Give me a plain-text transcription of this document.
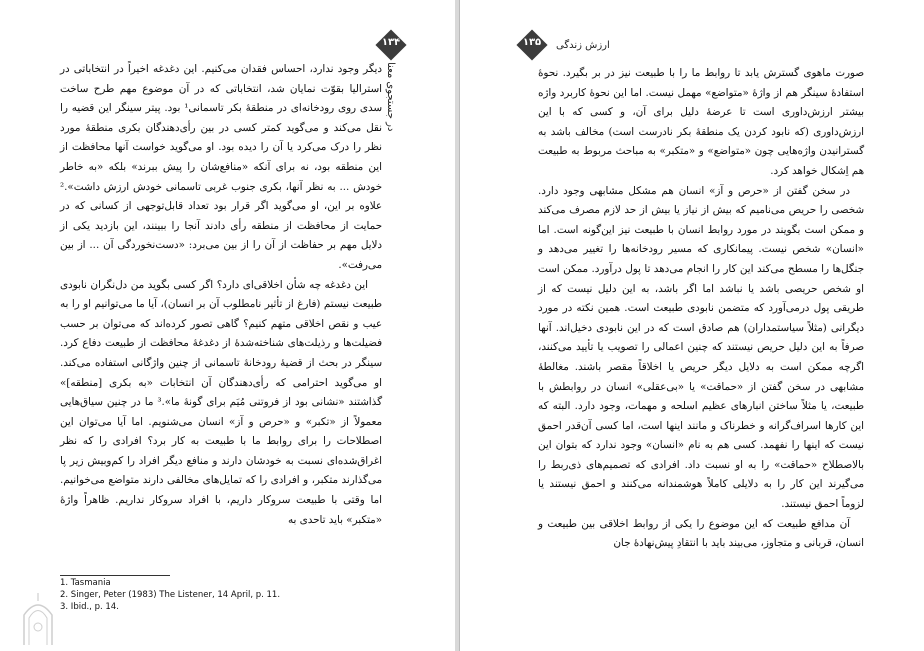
۱۳۴
در جستجوی معنا

دیگر وجود ندارد، احساس فقدان می‌کنیم. این دغدغه اخیراً در انتخاباتی در استرالیا بقوّت نمایان شد، انتخاباتی که در آن موضوع مهم طرح ساخت سدی روی رودخانه‌ای در منطقهٔ بکر تاسمانی¹ بود. پیتر سینگر این قضیه را نقل می‌کند و می‌گوید کمتر کسی در بین رأی‌دهندگان بکری منطقهٔ مورد نظر را درک می‌کرد یا آن را دیده بود. او می‌گوید خواست آنها محافظت از این منطقه بود، نه برای آنکه «منافع‌شان را پیش ببرند» بلکه «به خاطر خودش ... به نظر آنها، بکری جنوب غربی تاسمانی خودش ارزش داشت».² علاوه بر این، او می‌گوید اگر قرار بود تعداد قابل‌توجهی از کسانی که در حمایت از محافظت از منطقه رأی دادند آنجا را ببینند، این بازدید یکی از دلایل مهم بر حفاظت از آن را از بین می‌برد: «دست‌نخوردگی آن ... از بین می‌رفت».

این دغدغه چه شأن اخلاقی‌ای دارد؟ اگر کسی بگوید من دل‌نگران نابودی طبیعت نیستم (فارغ از تأثیر نامطلوب آن بر انسان)، آیا ما می‌توانیم او را به عیب و نقص اخلاقی متهم کنیم؟ گاهی تصور کرده‌اند که می‌توان بر حسب فضیلت‌ها و رذیلت‌های شناخته‌شدهٔ از دغدغهٔ محافظت از طبیعت دفاع کرد. سینگر در بحث از قضیهٔ رودخانهٔ تاسمانی از چنین واژگانی استفاده می‌کند. او می‌گوید احترامی که رأی‌دهندگان آن انتخابات «به بکری [منطقه]» گذاشتند «نشانی بود از فروتنی مُیَم برای گونهٔ ما».³ ما در چنین سیاق‌هایی معمولاً از «تکبر» و «حرص و آز» انسان می‌شنویم. اما آیا می‌توان این اصطلاحات را برای روابط ما با طبیعت به کار برد؟ افرادی را که نظر اغراق‌شده‌ای نسبت به خودشان دارند و منافع دیگر افراد را کم‌وبیش زیر پا می‌گذارند متکبر، و افرادی را که تمایل‌های مخالفی دارند متواضع می‌خوانیم. اما وقتی با طبیعت سروکار داریم، با افراد سروکار نداریم. ظاهراً واژهٔ «متکبر» باید تاحدی به

1. Tasmania
2. Singer, Peter (1983) The Listener, 14 April, p. 11.
3. Ibid., p. 14.
۱۳۵	ارزش زندگی

صورت ماهوی گسترش یابد تا روابط ما را با طبیعت نیز در بر بگیرد. نحوهٔ استفادهٔ سینگر هم از واژهٔ «متواضع» مهمل نیست. اما این نحوهٔ کاربرد واژه بیشتر ارزش‌داوری است تا عرضهٔ دلیل برای آن، و کسی که با این ارزش‌داوری (که نابود کردن یک منطقهٔ بکر نادرست است) مخالف باشد به گسترانیدن واژه‌هایی چون «متواضع» و «متکبر» به مباحث مربوط به طبیعت هم اِشکال خواهد کرد.

در سخن گفتن از «حرص و آز» انسان هم مشکل مشابهی وجود دارد. شخصی را حریص می‌نامیم که بیش از نیاز یا بیش از حد لازم مصرف می‌کند و ممکن است بگویند در مورد روابط انسان با طبیعت نیز این‌گونه است. اما «انسان» شخص نیست. پیمانکاری که مسیر رودخانه‌ها را تغییر می‌دهد و جنگل‌ها را مسطح می‌کند این کار را انجام می‌دهد تا پول درآورد. ممکن است او شخص حریصی باشد یا نباشد اما اگر باشد، به این دلیل نیست که از طریقی پول درمی‌آورد که متضمن نابودی طبیعت است. همین نکته در مورد دیگرانی (مثلاً سیاستمداران) هم صادق است که در این نابودی دخیل‌اند. آنها صرفاً به این دلیل حریص نیستند که چنین اعمالی را تصویب یا تأیید می‌کنند، اگرچه ممکن است به دلایل دیگر حریص یا اخلاقاً مقصر باشند. مغالطهٔ مشابهی در سخن گفتن از «حماقت» یا «بی‌عقلی» انسان در روابطش با طبیعت، یا مثلاً ساختن انبارهای عظیم اسلحه و مهمات، وجود دارد. البته که این کارها اسراف‌گرانه و خطرناک و مانند اینها است، اما کسی آن‌قدر احمق نیست که اینها را نفهمد. کسی هم به نام «انسان» وجود ندارد که بتوان این بالاصطلاح «حماقت» را به او نسبت داد. افرادی که تصمیم‌های ذی‌ربط را می‌گیرند این کار را به دلایلی کاملاً هوشمندانه می‌کنند و احمق نیستند یا لزوماً احمق نیستند.

آن مدافع طبیعت که این موضوع را یکی از روابط اخلاقی بین طبیعت و انسان، قربانی و متجاوز، می‌بیند باید با انتقادِ پیش‌نهادهٔ جان
